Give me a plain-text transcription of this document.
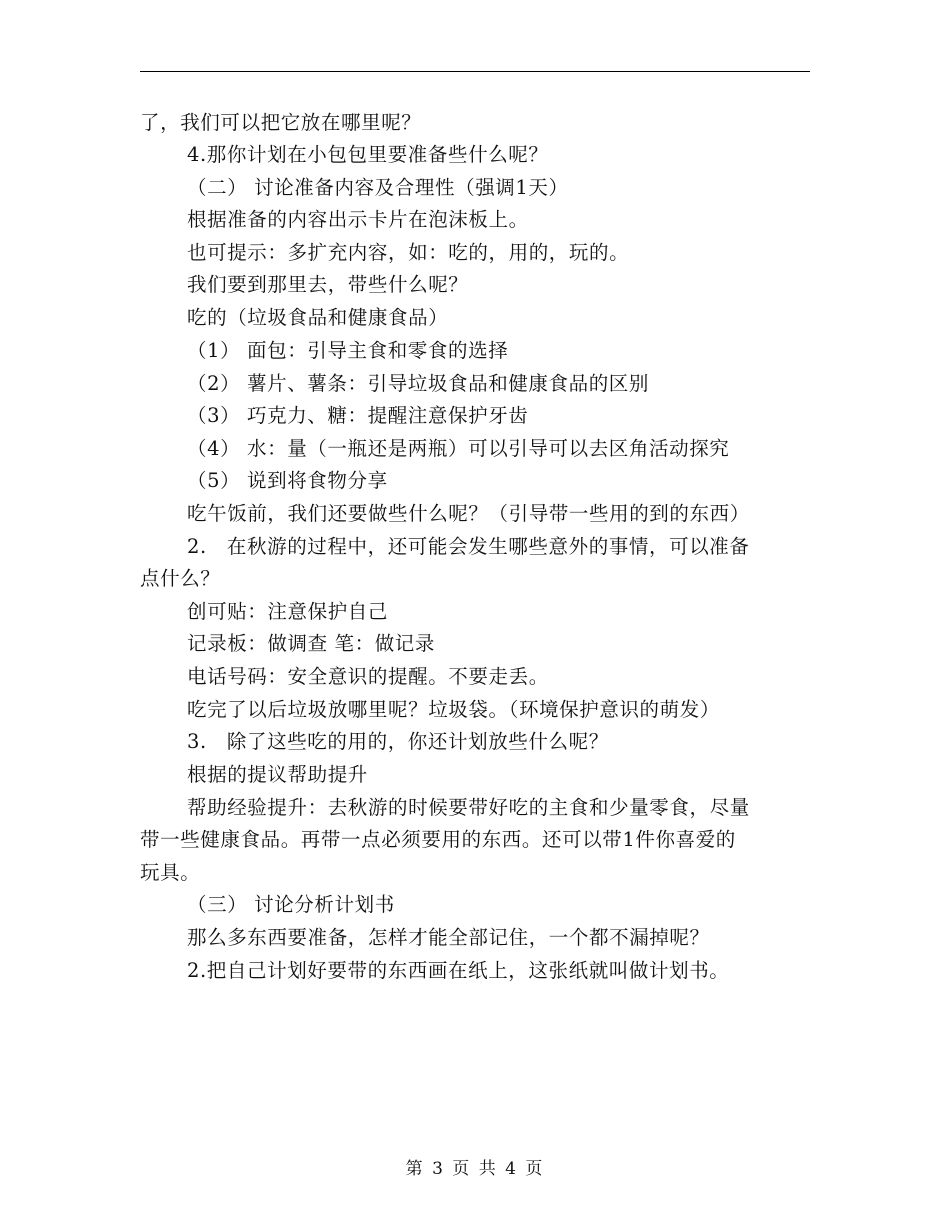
了，我们可以把它放在哪里呢？
4.那你计划在小包包里要准备些什么呢？
（二） 讨论准备内容及合理性（强调1天）
根据准备的内容出示卡片在泡沫板上。
也可提示：多扩充内容，如：吃的，用的，玩的。
我们要到那里去，带些什么呢？
吃的（垃圾食品和健康食品）
（1） 面包：引导主食和零食的选择
（2） 薯片、薯条：引导垃圾食品和健康食品的区别
（3） 巧克力、糖：提醒注意保护牙齿
（4） 水：量（一瓶还是两瓶）可以引导可以去区角活动探究
（5） 说到将食物分享
吃午饭前，我们还要做些什么呢？（引导带一些用的到的东西）
2.　在秋游的过程中，还可能会发生哪些意外的事情，可以准备
点什么？
创可贴：注意保护自己
记录板：做调查 笔：做记录
电话号码：安全意识的提醒。不要走丢。
吃完了以后垃圾放哪里呢？垃圾袋。（环境保护意识的萌发）
3.　除了这些吃的用的，你还计划放些什么呢？
根据的提议帮助提升
帮助经验提升：去秋游的时候要带好吃的主食和少量零食，尽量
带一些健康食品。再带一点必须要用的东西。还可以带1件你喜爱的
玩具。
（三） 讨论分析计划书
那么多东西要准备，怎样才能全部记住，一个都不漏掉呢？
2.把自己计划好要带的东西画在纸上，这张纸就叫做计划书。
第 3 页 共 4 页
